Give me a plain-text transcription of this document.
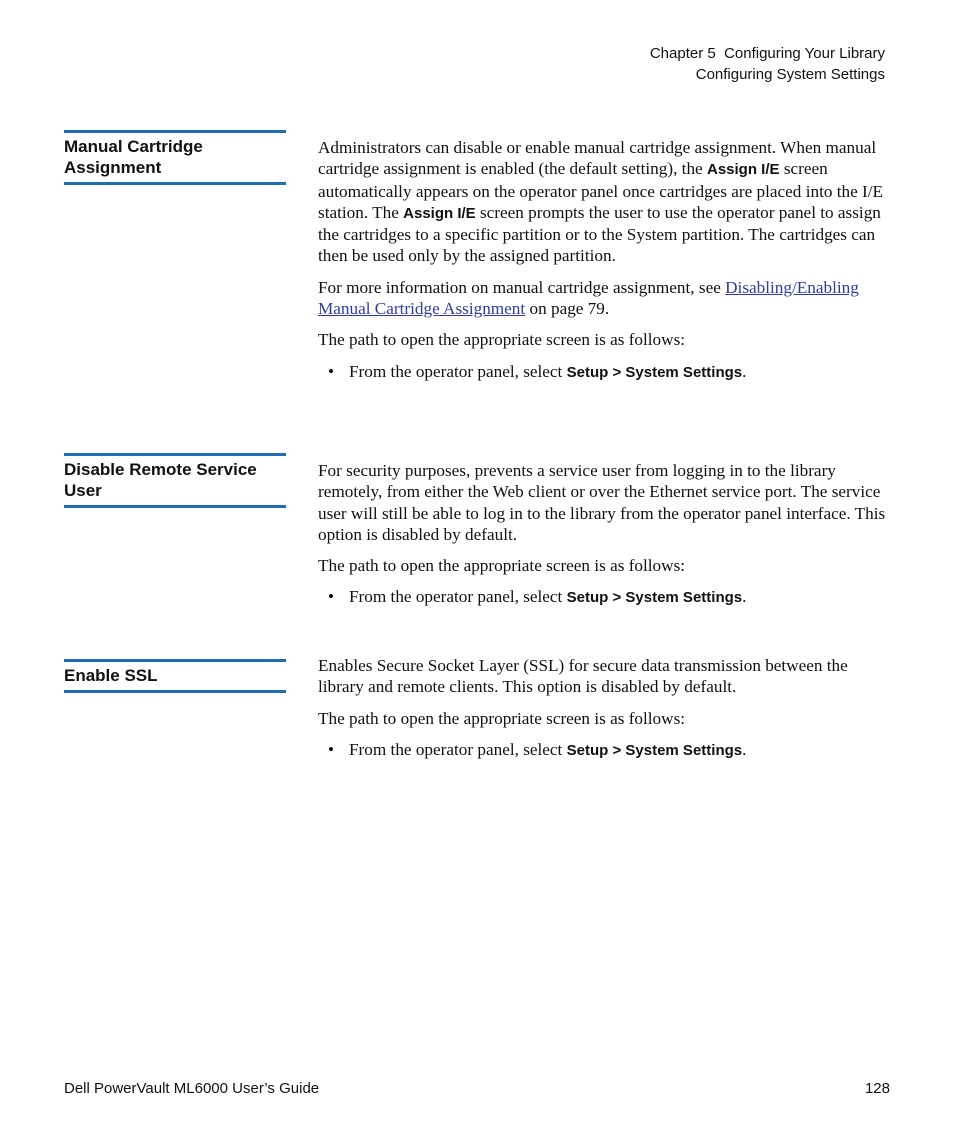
Chapter 5  Configuring Your Library
Configuring System Settings
Manual Cartridge Assignment

Administrators can disable or enable manual cartridge assignment. When manual cartridge assignment is enabled (the default setting), the Assign I/E screen automatically appears on the operator panel once cartridges are placed into the I/E station. The Assign I/E screen prompts the user to use the operator panel to assign the cartridges to a specific partition or to the System partition. The cartridges can then be used only by the assigned partition.

For more information on manual cartridge assignment, see Disabling/Enabling Manual Cartridge Assignment on page 79.

The path to open the appropriate screen is as follows:

• From the operator panel, select Setup > System Settings.

Disable Remote Service User

For security purposes, prevents a service user from logging in to the library remotely, from either the Web client or over the Ethernet service port. The service user will still be able to log in to the library from the operator panel interface. This option is disabled by default.

The path to open the appropriate screen is as follows:

• From the operator panel, select Setup > System Settings.

Enable SSL

Enables Secure Socket Layer (SSL) for secure data transmission between the library and remote clients. This option is disabled by default.

The path to open the appropriate screen is as follows:

• From the operator panel, select Setup > System Settings.

Dell PowerVault ML6000 User’s Guide	128
